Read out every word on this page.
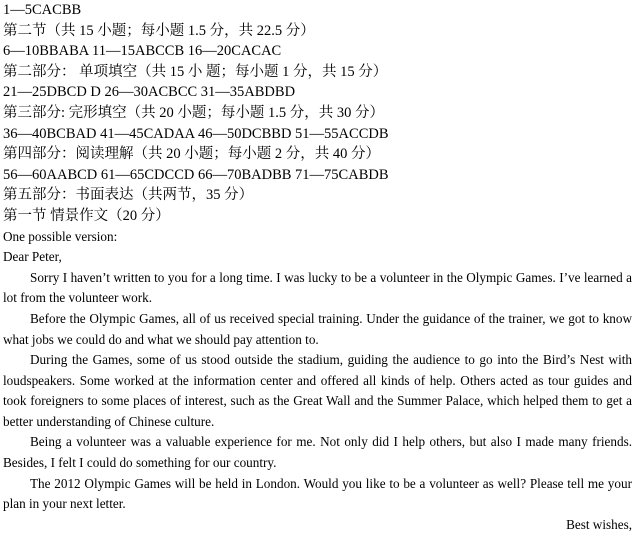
1—5CACBB
第二节（共 15 小题；每小题 1.5 分，共 22.5 分）
6—10BBABA 11—15ABCCB 16—20CACAC
第二部分： 单项填空（共 15 小 题；每小题 1 分，共 15 分）
21—25DBCD D 26—30ACBCC 31—35ABDBD
第三部分: 完形填空（共 20 小题；每小题 1.5 分，共 30 分）
36—40BCBAD 41—45CADAA 46—50DCBBD 51—55ACCDB
第四部分：阅读理解（共 20 小题；每小题 2 分，共 40 分）
56—60AABCD 61—65CDCCD 66—70BADBB 71—75CABDB
第五部分：书面表达（共两节，35 分）
第一节 情景作文（20 分）
One possible version:
Dear Peter,

Sorry I haven’t written to you for a long time. I was lucky to be a volunteer in the Olympic Games. I’ve learned a lot from the volunteer work.

Before the Olympic Games, all of us received special training. Under the guidance of the trainer, we got to know what jobs we could do and what we should pay attention to.

During the Games, some of us stood outside the stadium, guiding the audience to go into the Bird’s Nest with loudspeakers. Some worked at the information center and offered all kinds of help. Others acted as tour guides and took foreigners to some places of interest, such as the Great Wall and the Summer Palace, which helped them to get a better understanding of Chinese culture.

Being a volunteer was a valuable experience for me. Not only did I help others, but also I made many friends. Besides, I felt I could do something for our country.

The 2012 Olympic Games will be held in London. Would you like to be a volunteer as well? Please tell me your plan in your next letter.

Best wishes,
